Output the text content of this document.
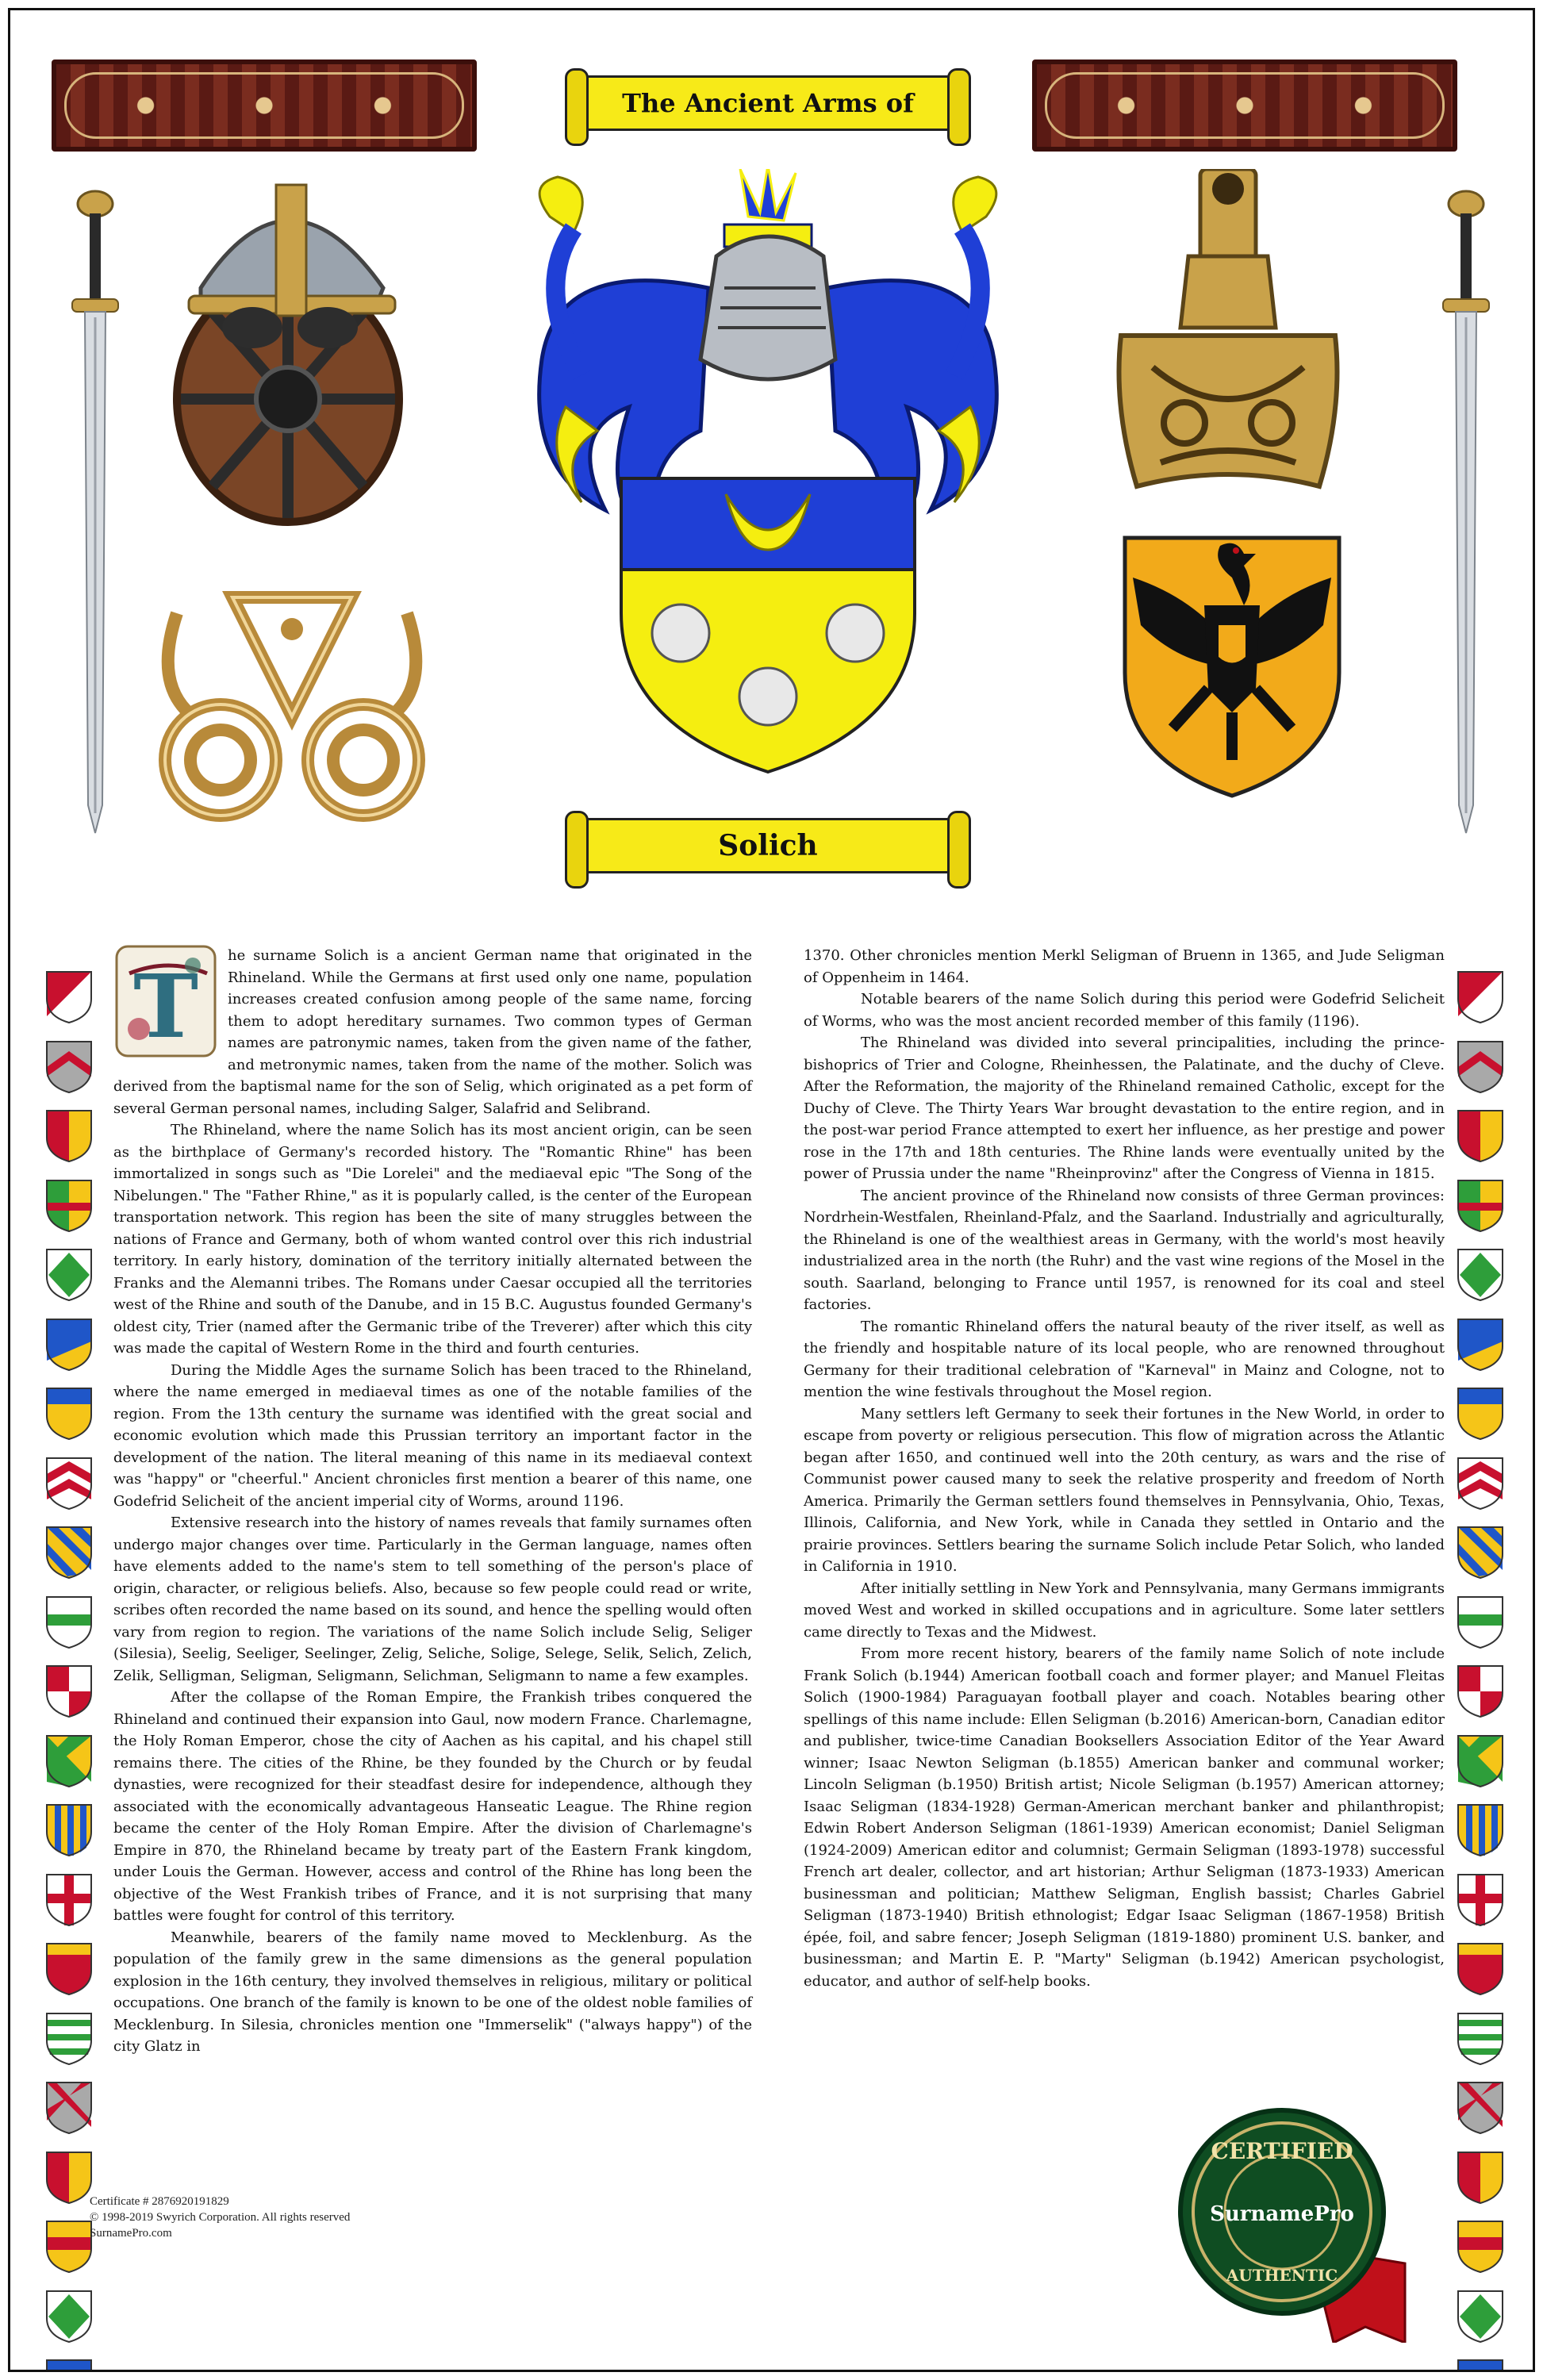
The Ancient Arms of
Solich
T	he surname Solich is a ancient German name that originated in the Rhineland. While the Germans at first used only one name, population increases created confusion among people of the same name, forcing them to adopt hereditary surnames. Two common types of German names are patronymic names, taken from the given name of the father, and metronymic names, taken from the name of the mother. Solich was derived from the baptismal name for the son of Selig, which originated as a pet form of several German personal names, including Salger, Salafrid and Selibrand.

The Rhineland, where the name Solich has its most ancient origin, can be seen as the birthplace of Germany's recorded history. The "Romantic Rhine" has been immortalized in songs such as "Die Lorelei" and the mediaeval epic "The Song of the Nibelungen." The "Father Rhine," as it is popularly called, is the center of the European transportation network. This region has been the site of many struggles between the nations of France and Germany, both of whom wanted control over this rich industrial territory. In early history, domination of the territory initially alternated between the Franks and the Alemanni tribes. The Romans under Caesar occupied all the territories west of the Rhine and south of the Danube, and in 15 B.C. Augustus founded Germany's oldest city, Trier (named after the Germanic tribe of the Treverer) after which this city was made the capital of Western Rome in the third and fourth centuries.

During the Middle Ages the surname Solich has been traced to the Rhineland, where the name emerged in mediaeval times as one of the notable families of the region. From the 13th century the surname was identified with the great social and economic evolution which made this Prussian territory an important factor in the development of the nation. The literal meaning of this name in its mediaeval context was "happy" or "cheerful." Ancient chronicles first mention a bearer of this name, one Godefrid Selicheit of the ancient imperial city of Worms, around 1196.

Extensive research into the history of names reveals that family surnames often undergo major changes over time. Particularly in the German language, names often have elements added to the name's stem to tell something of the person's place of origin, character, or religious beliefs. Also, because so few people could read or write, scribes often recorded the name based on its sound, and hence the spelling would often vary from region to region. The variations of the name Solich include Selig, Seliger (Silesia), Seelig, Seeliger, Seelinger, Zelig, Seliche, Solige, Selege, Selik, Selich, Zelich, Zelik, Selligman, Seligman, Seligmann, Selichman, Seligmann to name a few examples.

After the collapse of the Roman Empire, the Frankish tribes conquered the Rhineland and continued their expansion into Gaul, now modern France. Charlemagne, the Holy Roman Emperor, chose the city of Aachen as his capital, and his chapel still remains there. The cities of the Rhine, be they founded by the Church or by feudal dynasties, were recognized for their steadfast desire for independence, although they associated with the economically advantageous Hanseatic League. The Rhine region became the center of the Holy Roman Empire. After the division of Charlemagne's Empire in 870, the Rhineland became by treaty part of the Eastern Frank kingdom, under Louis the German. However, access and control of the Rhine has long been the objective of the West Frankish tribes of France, and it is not surprising that many battles were fought for control of this territory.

Meanwhile, bearers of the family name moved to Mecklenburg. As the population of the family grew in the same dimensions as the general population explosion in the 16th century, they involved themselves in religious, military or political occupations. One branch of the family is known to be one of the oldest noble families of Mecklenburg. In Silesia, chronicles mention one "Immerselik" ("always happy") of the city Glatz in

1370. Other chronicles mention Merkl Seligman of Bruenn in 1365, and Jude Seligman of Oppenheim in 1464.

Notable bearers of the name Solich during this period were Godefrid Selicheit of Worms, who was the most ancient recorded member of this family (1196).

The Rhineland was divided into several principalities, including the prince-bishoprics of Trier and Cologne, Rheinhessen, the Palatinate, and the duchy of Cleve. After the Reformation, the majority of the Rhineland remained Catholic, except for the Duchy of Cleve. The Thirty Years War brought devastation to the entire region, and in the post-war period France attempted to exert her influence, as her prestige and power rose in the 17th and 18th centuries. The Rhine lands were eventually united by the power of Prussia under the name "Rheinprovinz" after the Congress of Vienna in 1815.

The ancient province of the Rhineland now consists of three German provinces: Nordrhein-Westfalen, Rheinland-Pfalz, and the Saarland. Industrially and agriculturally, the Rhineland is one of the wealthiest areas in Germany, with the world's most heavily industrialized area in the north (the Ruhr) and the vast wine regions of the Mosel in the south. Saarland, belonging to France until 1957, is renowned for its coal and steel factories.

The romantic Rhineland offers the natural beauty of the river itself, as well as the friendly and hospitable nature of its local people, who are renowned throughout Germany for their traditional celebration of "Karneval" in Mainz and Cologne, not to mention the wine festivals throughout the Mosel region.

Many settlers left Germany to seek their fortunes in the New World, in order to escape from poverty or religious persecution. This flow of migration across the Atlantic began after 1650, and continued well into the 20th century, as wars and the rise of Communist power caused many to seek the relative prosperity and freedom of North America. Primarily the German settlers found themselves in Pennsylvania, Ohio, Texas, Illinois, California, and New York, while in Canada they settled in Ontario and the prairie provinces. Settlers bearing the surname Solich include Petar Solich, who landed in California in 1910.

After initially settling in New York and Pennsylvania, many Germans immigrants moved West and worked in skilled occupations and in agriculture. Some later settlers came directly to Texas and the Midwest.

From more recent history, bearers of the family name Solich of note include Frank Solich (b.1944) American football coach and former player; and Manuel Fleitas Solich (1900-1984) Paraguayan football player and coach. Notables bearing other spellings of this name include: Ellen Seligman (b.2016) American-born, Canadian editor and publisher, twice-time Canadian Booksellers Association Editor of the Year Award winner; Isaac Newton Seligman (b.1855) American banker and communal worker; Lincoln Seligman (b.1950) British artist; Nicole Seligman (b.1957) American attorney; Isaac Seligman (1834-1928) German-American merchant banker and philanthropist; Edwin Robert Anderson Seligman (1861-1939) American economist; Daniel Seligman (1924-2009) American editor and columnist; Germain Seligman (1893-1978) successful French art dealer, collector, and art historian; Arthur Seligman (1873-1933) American businessman and politician; Matthew Seligman, English bassist; Charles Gabriel Seligman (1873-1940) British ethnologist; Edgar Isaac Seligman (1867-1958) British épée, foil, and sabre fencer; Joseph Seligman (1819-1880) prominent U.S. banker, and businessman; and Martin E. P. "Marty" Seligman (b.1942) American psychologist, educator, and author of self-help books.

Certificate # 2876920191829
© 1998-2019 Swyrich Corporation. All rights reserved
SurnamePro.com
CERTIFIED
SurnamePro
AUTHENTIC
